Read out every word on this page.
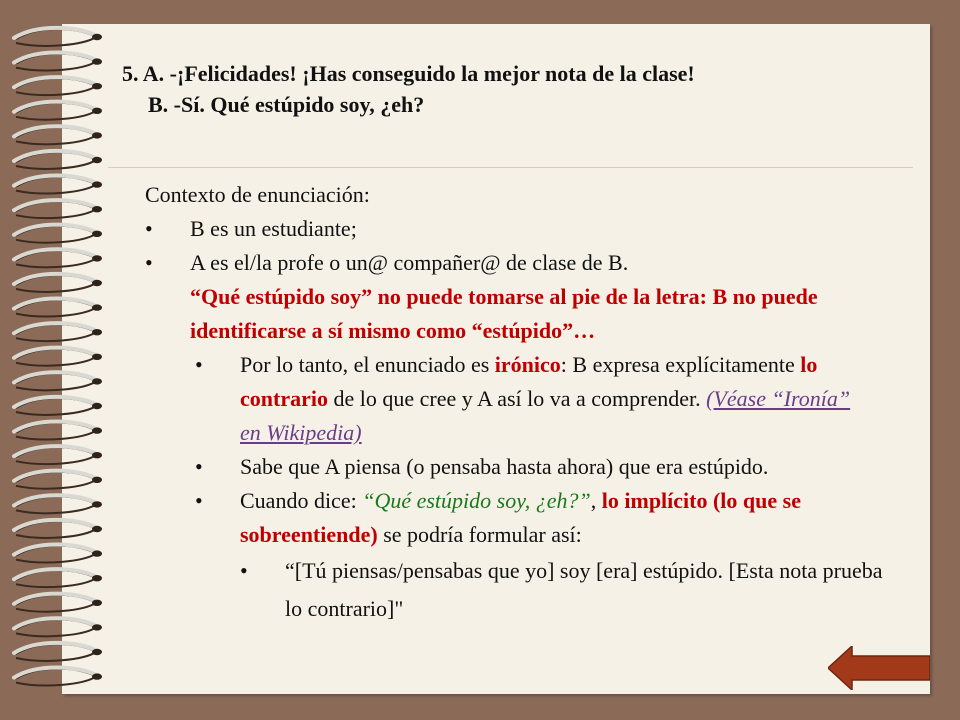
5. A. -¡Felicidades! ¡Has conseguido la mejor nota de la clase!
B. -Sí. Qué estúpido soy, ¿eh?
Contexto de enunciación:
•	B es un estudiante;
•	A es el/la profe o un@ compañer@ de clase de B.
“Qué estúpido soy” no puede tomarse al pie de la letra: B no puede identificarse a sí mismo como “estúpido”…
•	Por lo tanto, el enunciado es irónico: B expresa explícitamente lo contrario de lo que cree y A así lo va a comprender. (Véase “Ironía” en Wikipedia)
•	Sabe que A piensa (o pensaba hasta ahora) que era estúpido.
•	Cuando dice: “Qué estúpido soy, ¿eh?”, lo implícito (lo que se sobreentiende) se podría formular así:
•	“[Tú piensas/pensabas que yo] soy [era] estúpido. [Esta nota prueba lo contrario]"
